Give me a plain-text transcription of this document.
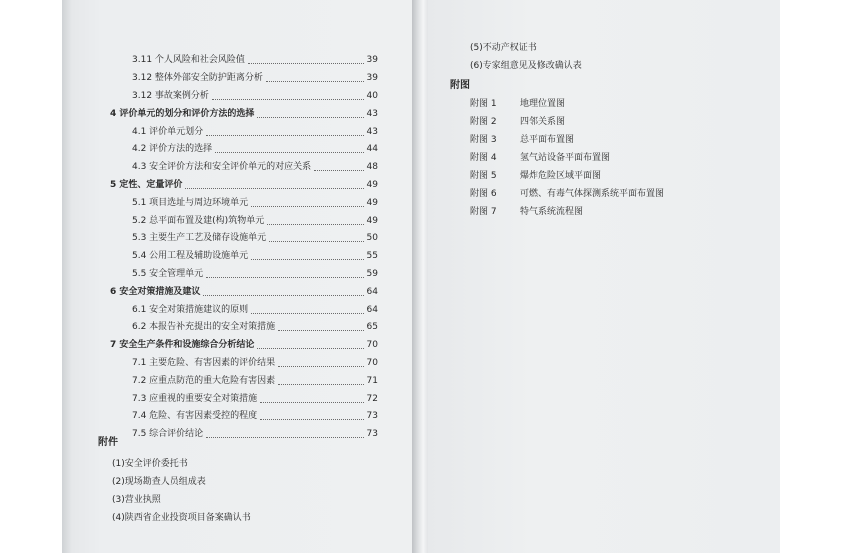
3.11 个人风险和社会风险值	39
3.12 整体外部安全防护距离分析	39
3.12 事故案例分析	40
4 评价单元的划分和评价方法的选择	43
4.1 评价单元划分	43
4.2 评价方法的选择	44
4.3 安全评价方法和安全评价单元的对应关系	48
5 定性、定量评价	49
5.1 项目选址与周边环境单元	49
5.2 总平面布置及建(构)筑物单元	49
5.3 主要生产工艺及储存设施单元	50
5.4 公用工程及辅助设施单元	55
5.5 安全管理单元	59
6 安全对策措施及建议	64
6.1 安全对策措施建议的原则	64
6.2 本报告补充提出的安全对策措施	65
7 安全生产条件和设施综合分析结论	70
7.1 主要危险、有害因素的评价结果	70
7.2 应重点防范的重大危险有害因素	71
7.3 应重视的重要安全对策措施	72
7.4 危险、有害因素受控的程度	73
7.5 综合评价结论	73
附件
(1)安全评价委托书
(2)现场勘查人员组成表
(3)营业执照
(4)陕西省企业投资项目备案确认书
(5)不动产权证书
(6)专家组意见及修改确认表
附图
附图 1	地理位置图
附图 2	四邻关系图
附图 3	总平面布置图
附图 4	氢气站设备平面布置图
附图 5	爆炸危险区域平面图
附图 6	可燃、有毒气体探测系统平面布置图
附图 7	特气系统流程图
